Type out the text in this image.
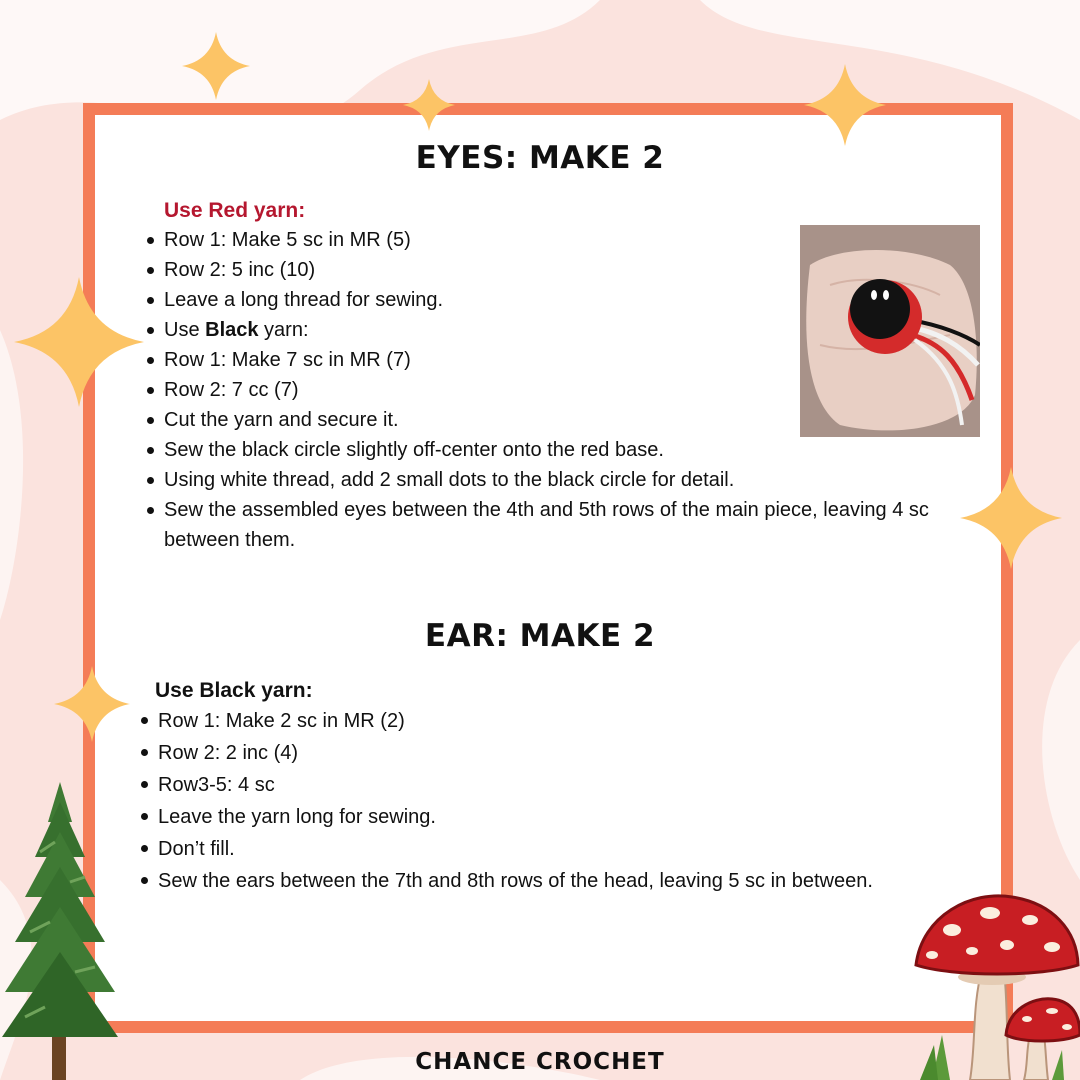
EYES: MAKE 2
Use Red yarn:
Row 1: Make 5 sc in MR (5)
Row 2: 5 inc (10)
Leave a long thread for sewing.
Use Black yarn:
Row 1: Make 7 sc in MR (7)
Row 2: 7 cc (7)
Cut the yarn and secure it.
Sew the black circle slightly off-center onto the red base.
Using white thread, add 2 small dots to the black circle for detail.
Sew the assembled eyes between the 4th and 5th rows of the main piece, leaving 4 sc between them.
EAR: MAKE 2
Use Black yarn:
Row 1: Make 2 sc in MR (2)
Row 2: 2 inc (4)
Row3-5: 4 sc
Leave the yarn long for sewing.
Don’t fill.
Sew the ears between the 7th and 8th rows of the head, leaving 5 sc in between.
CHANCE CROCHET
